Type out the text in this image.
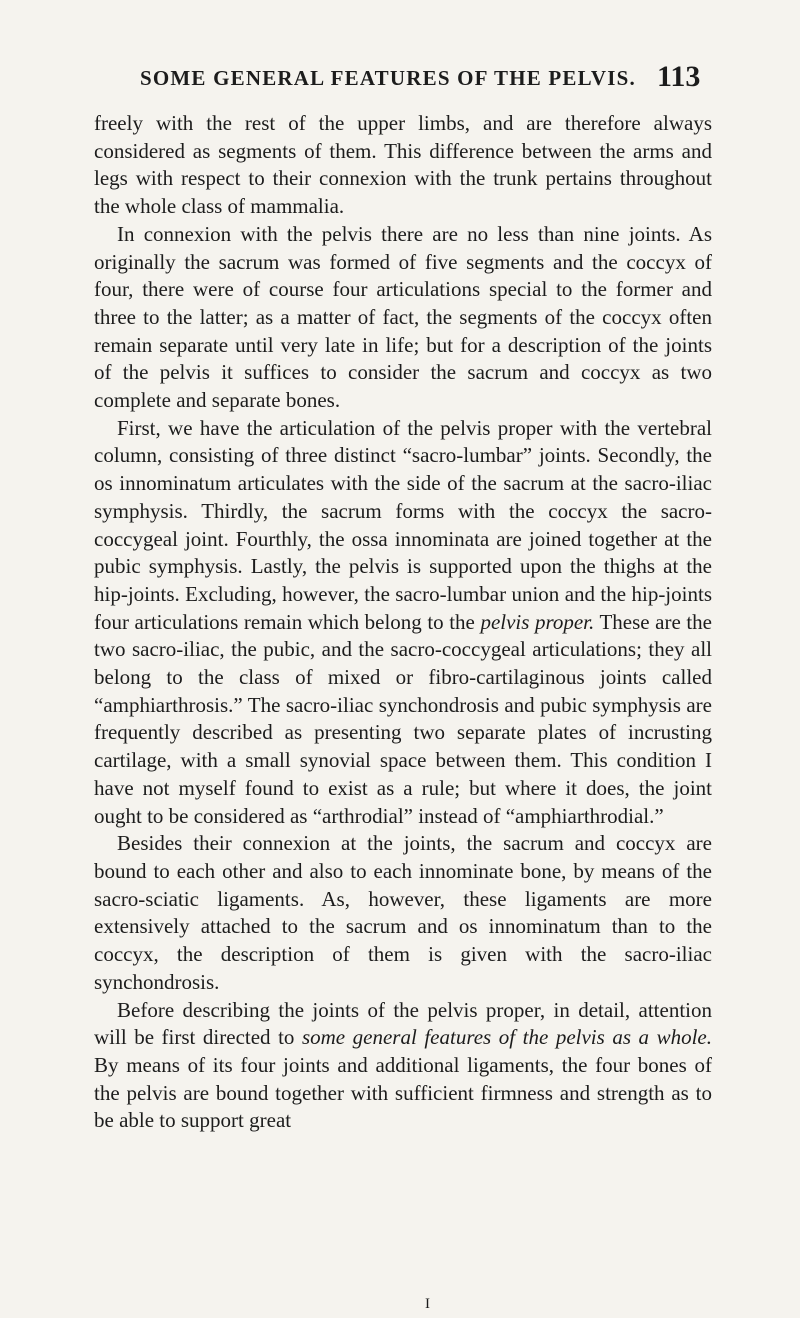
SOME GENERAL FEATURES OF THE PELVIS. 113

freely with the rest of the upper limbs, and are therefore always considered as segments of them. This difference between the arms and legs with respect to their connexion with the trunk pertains throughout the whole class of mammalia.

In connexion with the pelvis there are no less than nine joints. As originally the sacrum was formed of five segments and the coccyx of four, there were of course four articulations special to the former and three to the latter; as a matter of fact, the segments of the coccyx often remain separate until very late in life; but for a description of the joints of the pelvis it suffices to consider the sacrum and coccyx as two complete and separate bones.

First, we have the articulation of the pelvis proper with the vertebral column, consisting of three distinct “sacro-lumbar” joints. Secondly, the os innominatum articulates with the side of the sacrum at the sacro-iliac symphysis. Thirdly, the sacrum forms with the coccyx the sacro-coccygeal joint. Fourthly, the ossa innominata are joined together at the pubic symphysis. Lastly, the pelvis is supported upon the thighs at the hip-joints. Excluding, however, the sacro-lumbar union and the hip-joints four articulations remain which belong to the pelvis proper. These are the two sacro-iliac, the pubic, and the sacro-coccygeal articulations; they all belong to the class of mixed or fibro-cartilaginous joints called “amphiarthrosis.” The sacro-iliac synchondrosis and pubic symphysis are frequently described as presenting two separate plates of incrusting cartilage, with a small synovial space between them. This condition I have not myself found to exist as a rule; but where it does, the joint ought to be considered as “arthrodial” instead of “amphiarthrodial.”

Besides their connexion at the joints, the sacrum and coccyx are bound to each other and also to each innominate bone, by means of the sacro-sciatic ligaments. As, however, these ligaments are more extensively attached to the sacrum and os innominatum than to the coccyx, the description of them is given with the sacro-iliac synchondrosis.

Before describing the joints of the pelvis proper, in detail, attention will be first directed to some general features of the pelvis as a whole. By means of its four joints and additional ligaments, the four bones of the pelvis are bound together with sufficient firmness and strength as to be able to support great

I
